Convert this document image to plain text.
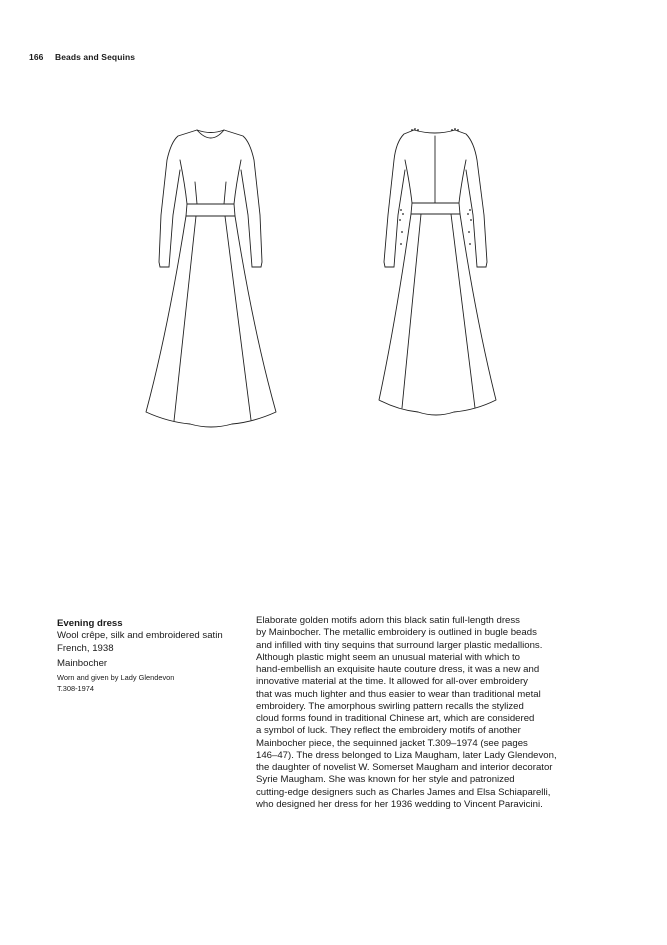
166 Beads and Sequins
Evening dress
Wool crêpe, silk and embroidered satin
French, 1938
Mainbocher
Worn and given by Lady Glendevon
T.308-1974
Elaborate golden motifs adorn this black satin full-length dress
by Mainbocher. The metallic embroidery is outlined in bugle beads
and infilled with tiny sequins that surround larger plastic medallions.
Although plastic might seem an unusual material with which to
hand-embellish an exquisite haute couture dress, it was a new and
innovative material at the time. It allowed for all-over embroidery
that was much lighter and thus easier to wear than traditional metal
embroidery. The amorphous swirling pattern recalls the stylized
cloud forms found in traditional Chinese art, which are considered
a symbol of luck. They reflect the embroidery motifs of another
Mainbocher piece, the sequinned jacket T.309–1974 (see pages
146–47). The dress belonged to Liza Maugham, later Lady Glendevon,
the daughter of novelist W. Somerset Maugham and interior decorator
Syrie Maugham. She was known for her style and patronized
cutting-edge designers such as Charles James and Elsa Schiaparelli,
who designed her dress for her 1936 wedding to Vincent Paravicini.
